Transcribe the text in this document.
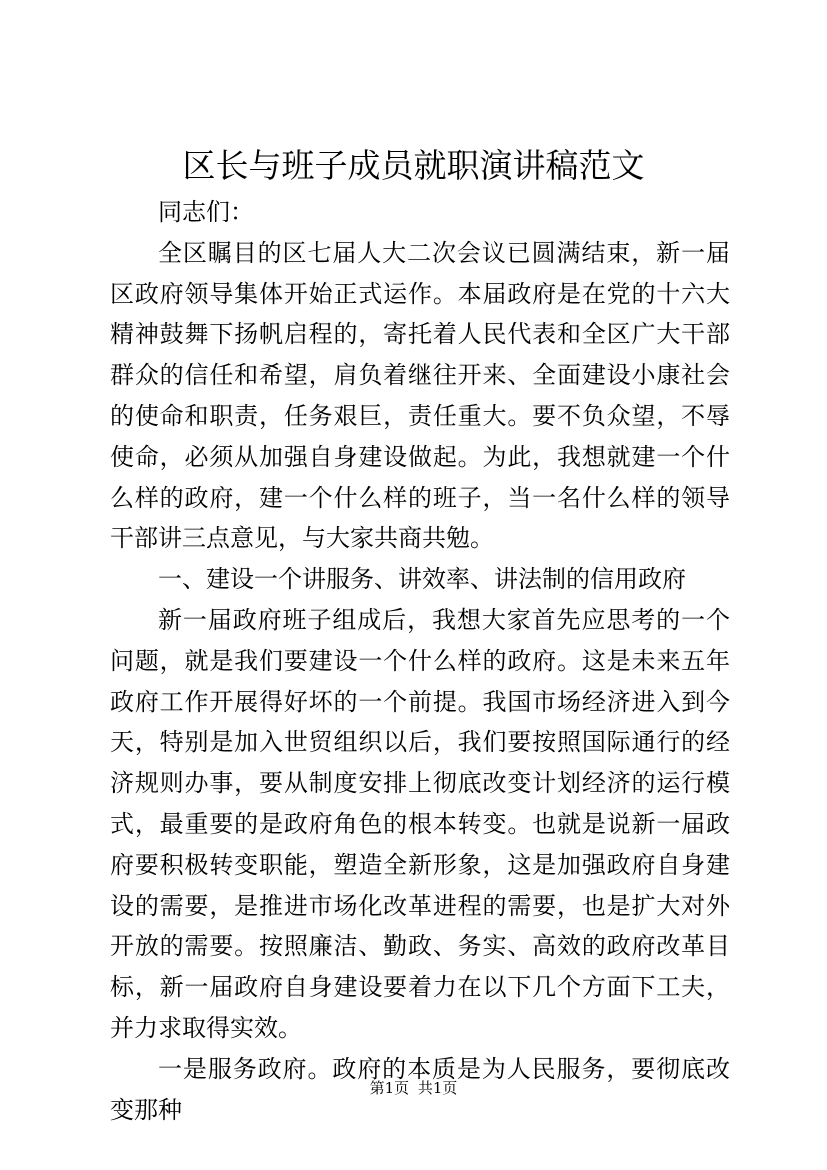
区长与班子成员就职演讲稿范文

同志们：

全区瞩目的区七届人大二次会议已圆满结束，新一届区政府领导集体开始正式运作。本届政府是在党的十六大精神鼓舞下扬帆启程的，寄托着人民代表和全区广大干部群众的信任和希望，肩负着继往开来、全面建设小康社会的使命和职责，任务艰巨，责任重大。要不负众望，不辱使命，必须从加强自身建设做起。为此，我想就建一个什么样的政府，建一个什么样的班子，当一名什么样的领导干部讲三点意见，与大家共商共勉。

一、建设一个讲服务、讲效率、讲法制的信用政府

新一届政府班子组成后，我想大家首先应思考的一个问题，就是我们要建设一个什么样的政府。这是未来五年政府工作开展得好坏的一个前提。我国市场经济进入到今天，特别是加入世贸组织以后，我们要按照国际通行的经济规则办事，要从制度安排上彻底改变计划经济的运行模式，最重要的是政府角色的根本转变。也就是说新一届政府要积极转变职能，塑造全新形象，这是加强政府自身建设的需要，是推进市场化改革进程的需要，也是扩大对外开放的需要。按照廉洁、勤政、务实、高效的政府改革目标，新一届政府自身建设要着力在以下几个方面下工夫，并力求取得实效。

一是服务政府。政府的本质是为人民服务，要彻底改变那种

第1页 共1页
